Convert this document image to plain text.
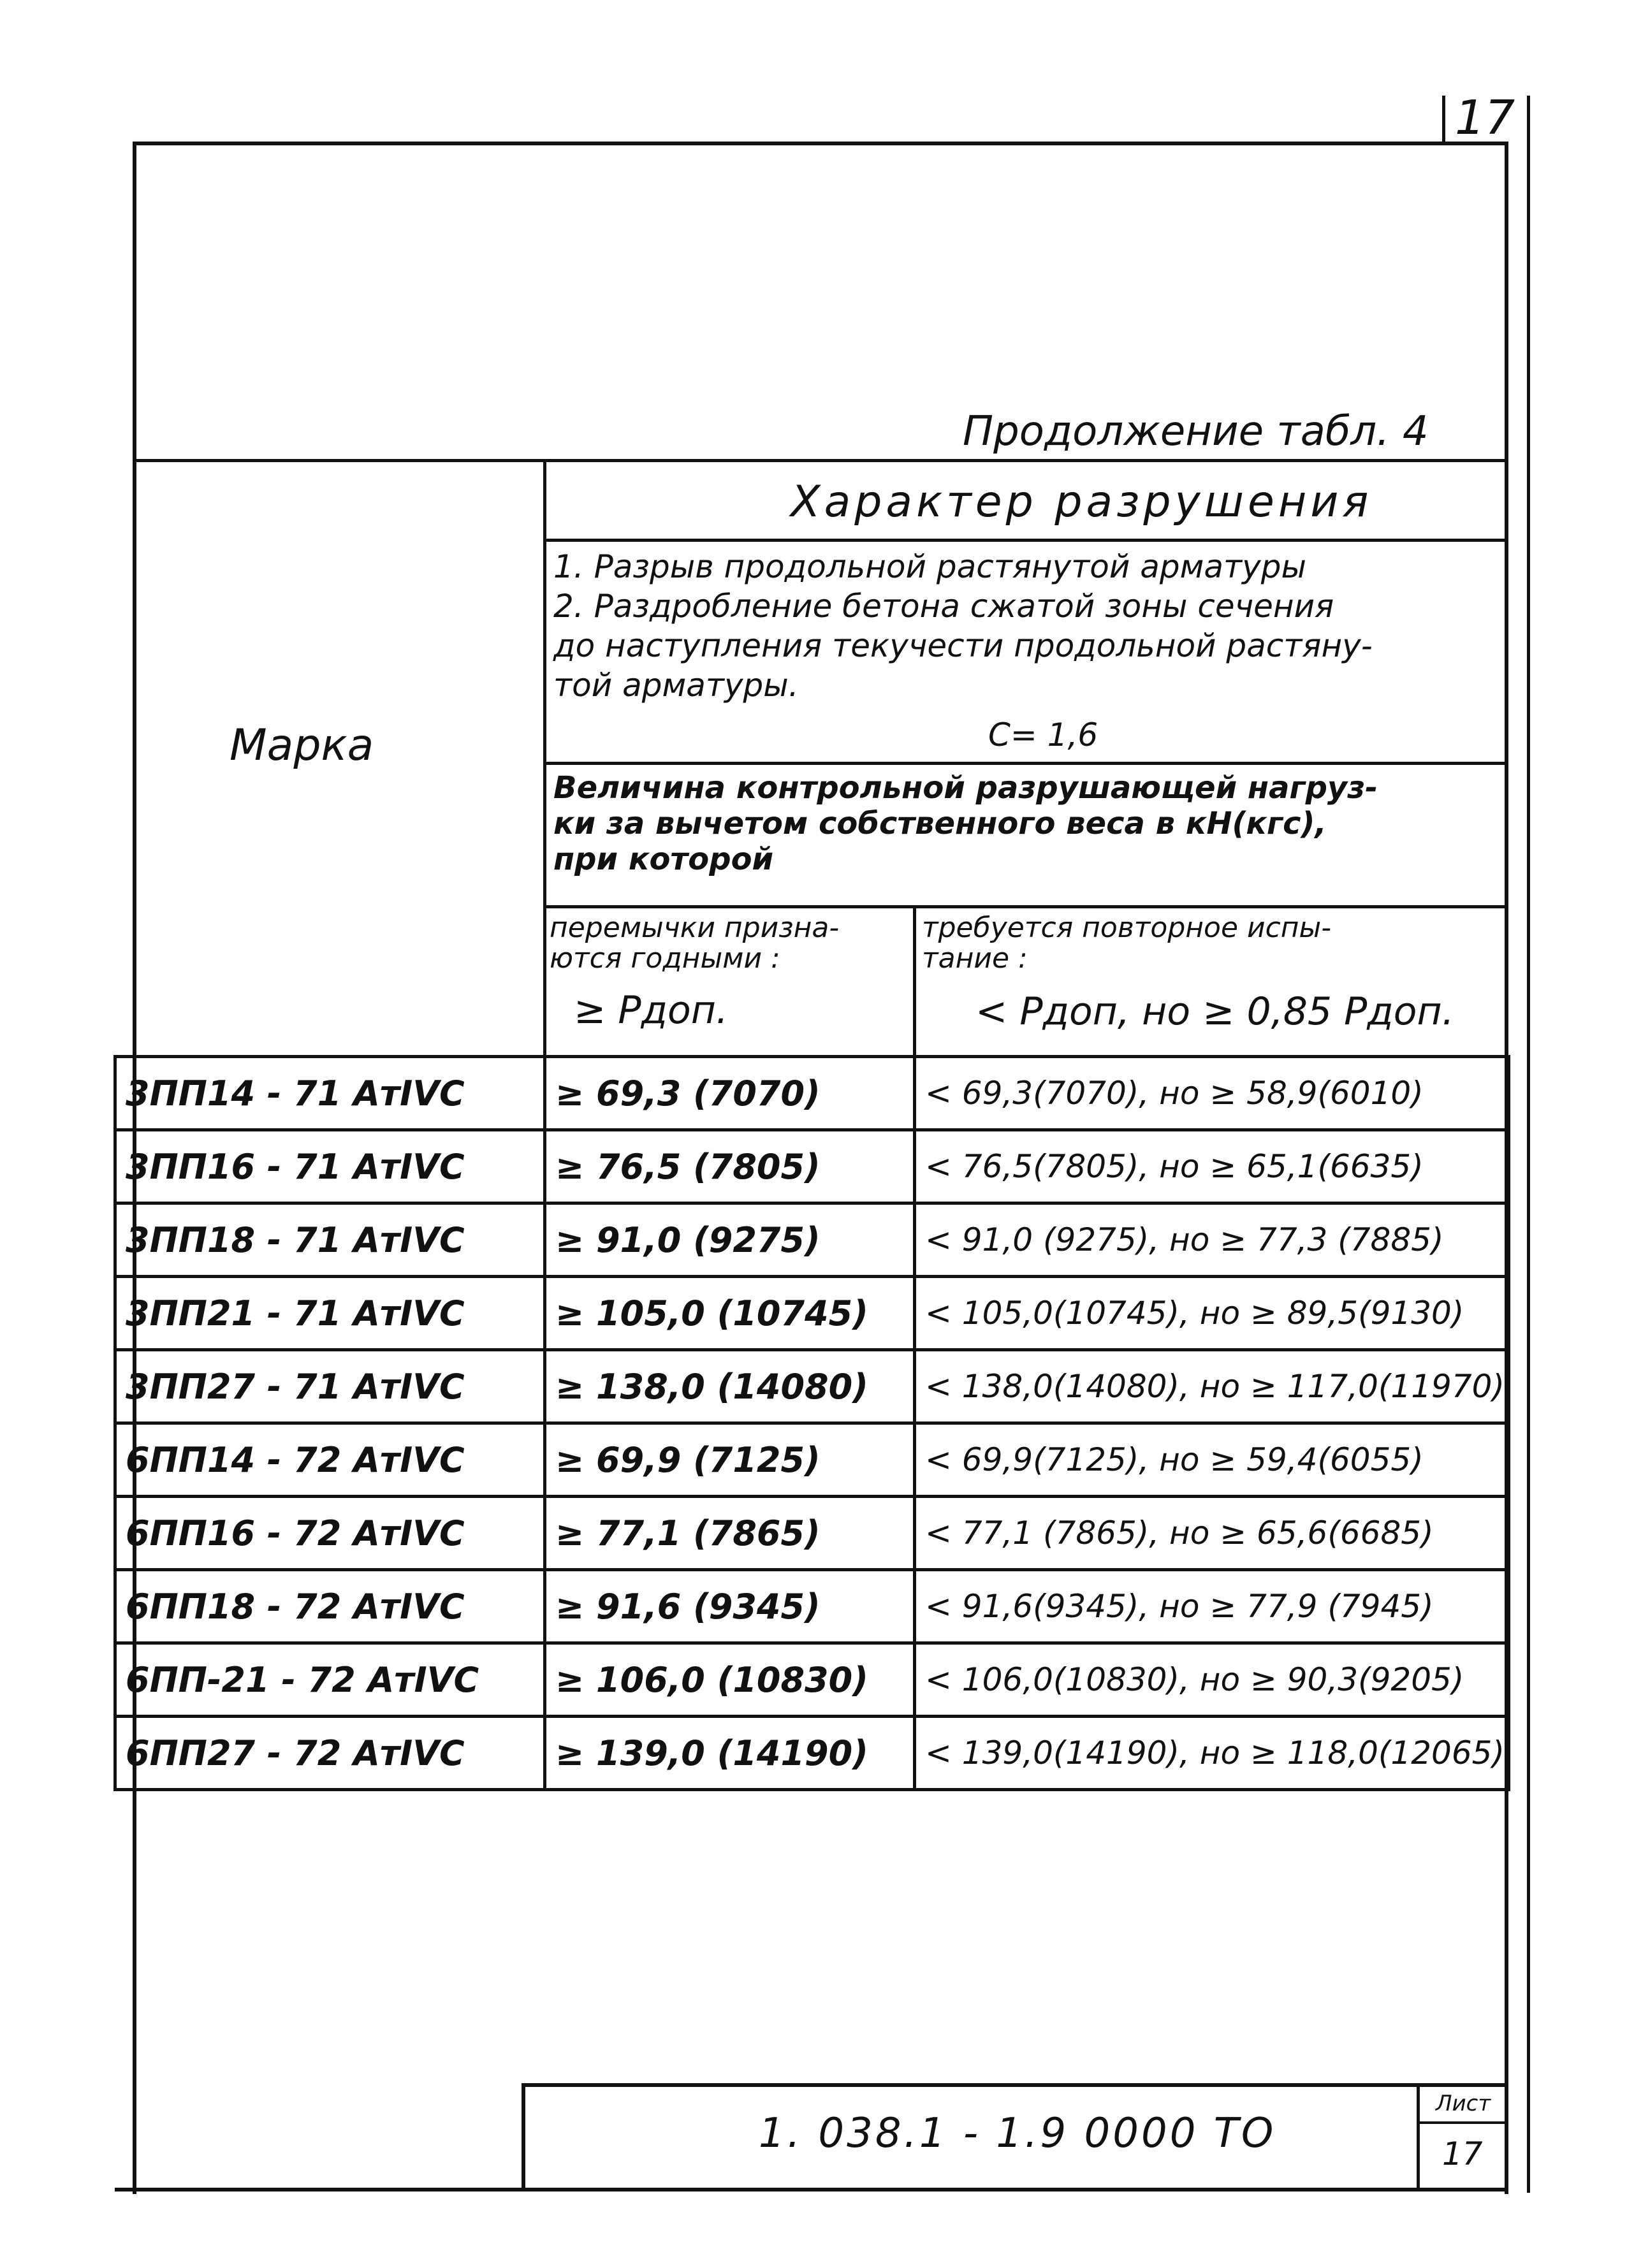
17
Продолжение табл. 4
Характер разрушения
1. Разрыв продольной растянутой арматуры
2. Раздробление бетона сжатой зоны сечения
до наступления текучести продольной растяну-
той арматуры.
С= 1,6
Марка
Величина контрольной разрушающей нагруз-
ки за вычетом собственного веса в кН(кгс),
при которой
перемычки призна-
ются годными :
требуется повторное испы-
тание :
≥ Рдоп.	< Рдоп, но ≥ 0,85 Рдоп.
3ПП14 - 71 АтIVС	≥ 69,3 (7070)	< 69,3(7070), но ≥ 58,9(6010)
3ПП16 - 71 АтIVС	≥ 76,5 (7805)	< 76,5(7805), но ≥ 65,1(6635)
3ПП18 - 71 АтIVС	≥ 91,0 (9275)	< 91,0 (9275), но ≥ 77,3 (7885)
3ПП21 - 71 АтIVС	≥ 105,0 (10745)	< 105,0(10745), но ≥ 89,5(9130)
3ПП27 - 71 АтIVС	≥ 138,0 (14080)	< 138,0(14080), но ≥ 117,0(11970)
6ПП14 - 72 АтIVС	≥ 69,9 (7125)	< 69,9(7125), но ≥ 59,4(6055)
6ПП16 - 72 АтIVС	≥ 77,1 (7865)	< 77,1 (7865), но ≥ 65,6(6685)
6ПП18 - 72 АтIVС	≥ 91,6 (9345)	< 91,6(9345), но ≥ 77,9 (7945)
6ПП-21 - 72 АтIVС	≥ 106,0 (10830)	< 106,0(10830), но ≥ 90,3(9205)
6ПП27 - 72 АтIVС	≥ 139,0 (14190)	< 139,0(14190), но ≥ 118,0(12065)
1. 038.1 - 1.9 0000 ТО
Лист
17
